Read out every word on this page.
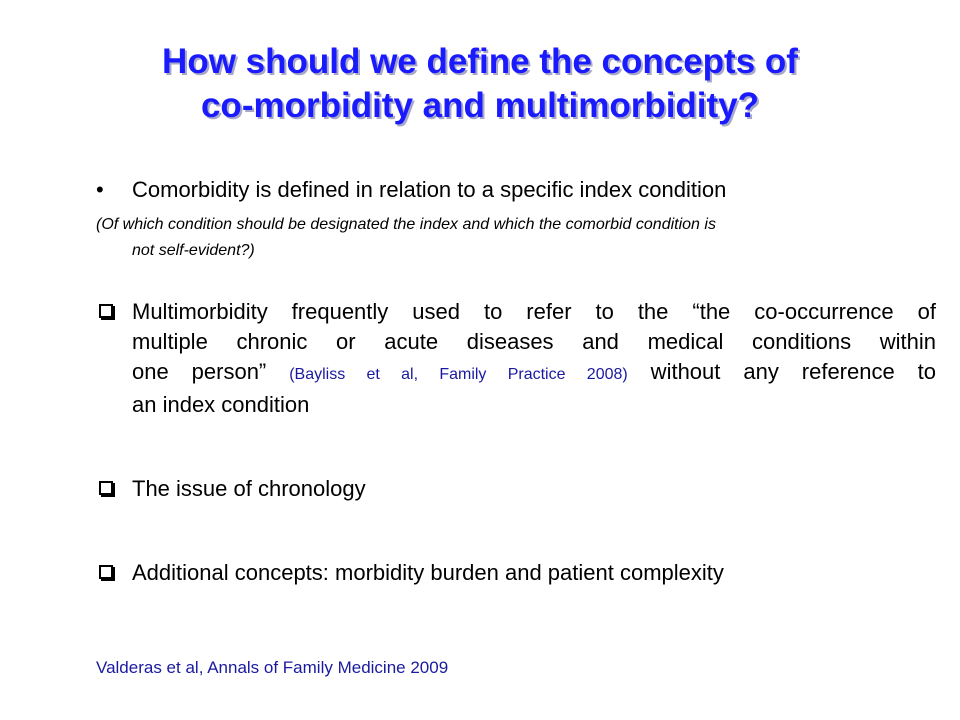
How should we define the concepts of
co-morbidity and multimorbidity?
•	Comorbidity is defined in relation to a specific index condition
(Of which condition should be designated the index and which the comorbid condition is
not self-evident?)
Multimorbidity frequently used to refer to the “the co-occurrence of
multiple chronic or acute diseases and medical conditions within
one person” (Bayliss et al, Family Practice 2008) without any reference to
an index condition
The issue of chronology
Additional concepts: morbidity burden and patient complexity
Valderas et al, Annals of Family Medicine 2009
